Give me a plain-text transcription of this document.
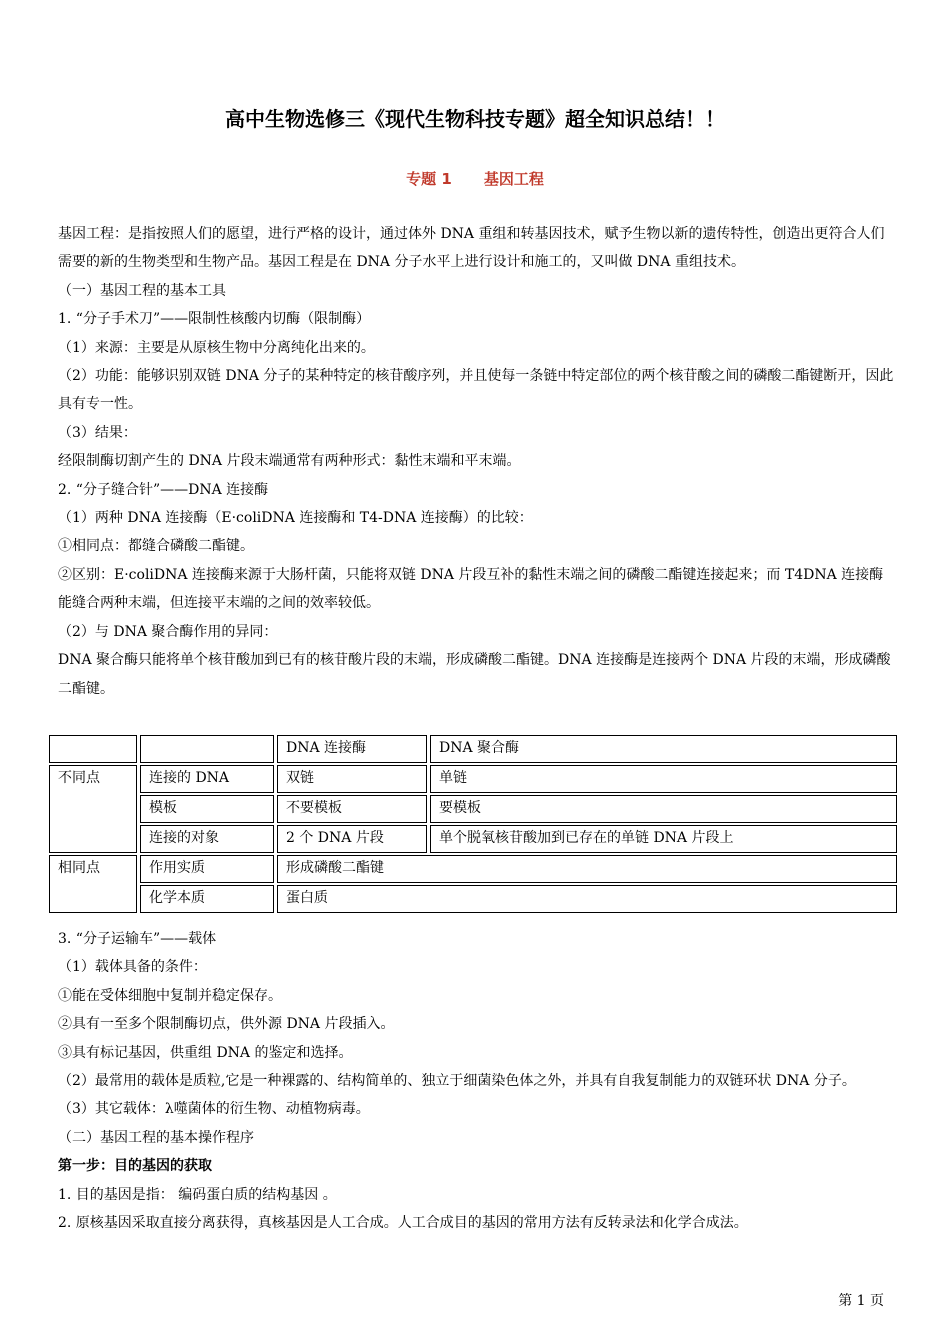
高中生物选修三《现代生物科技专题》超全知识总结！！
专题 1 基因工程

基因工程：是指按照人们的愿望，进行严格的设计，通过体外 DNA 重组和转基因技术，赋予生物以新的遗传特性，创造出更符合人们需要的新的生物类型和生物产品。基因工程是在 DNA 分子水平上进行设计和施工的，又叫做 DNA 重组技术。

（一）基因工程的基本工具

1. “分子手术刀”——限制性核酸内切酶（限制酶）

（1）来源：主要是从原核生物中分离纯化出来的。

（2）功能：能够识别双链 DNA 分子的某种特定的核苷酸序列，并且使每一条链中特定部位的两个核苷酸之间的磷酸二酯键断开，因此具有专一性。

（3）结果：

经限制酶切割产生的 DNA 片段末端通常有两种形式：黏性末端和平末端。

2. “分子缝合针”——DNA 连接酶

（1）两种 DNA 连接酶（E·coliDNA 连接酶和 T4-DNA 连接酶）的比较：

①相同点：都缝合磷酸二酯键。

②区别：E·coliDNA 连接酶来源于大肠杆菌，只能将双链 DNA 片段互补的黏性末端之间的磷酸二酯键连接起来；而 T4DNA 连接酶能缝合两种末端，但连接平末端的之间的效率较低。

（2）与 DNA 聚合酶作用的异同：

DNA 聚合酶只能将单个核苷酸加到已有的核苷酸片段的末端，形成磷酸二酯键。DNA 连接酶是连接两个 DNA 片段的末端，形成磷酸二酯键。

		DNA 连接酶	DNA 聚合酶
不同点	连接的 DNA	双链	单链
	模板	不要模板	要模板
	连接的对象	2 个 DNA 片段	单个脱氧核苷酸加到已存在的单链 DNA 片段上
相同点	作用实质	形成磷酸二酯键	
	化学本质	蛋白质	

3. “分子运输车”——载体

（1）载体具备的条件：

①能在受体细胞中复制并稳定保存。

②具有一至多个限制酶切点，供外源 DNA 片段插入。

③具有标记基因，供重组 DNA 的鉴定和选择。

（2）最常用的载体是质粒,它是一种裸露的、结构简单的、独立于细菌染色体之外，并具有自我复制能力的双链环状 DNA 分子。

（3）其它载体：λ噬菌体的衍生物、动植物病毒。

（二）基因工程的基本操作程序

第一步：目的基因的获取

1. 目的基因是指： 编码蛋白质的结构基因 。

2. 原核基因采取直接分离获得，真核基因是人工合成。人工合成目的基因的常用方法有反转录法和化学合成法。

第 1 页
